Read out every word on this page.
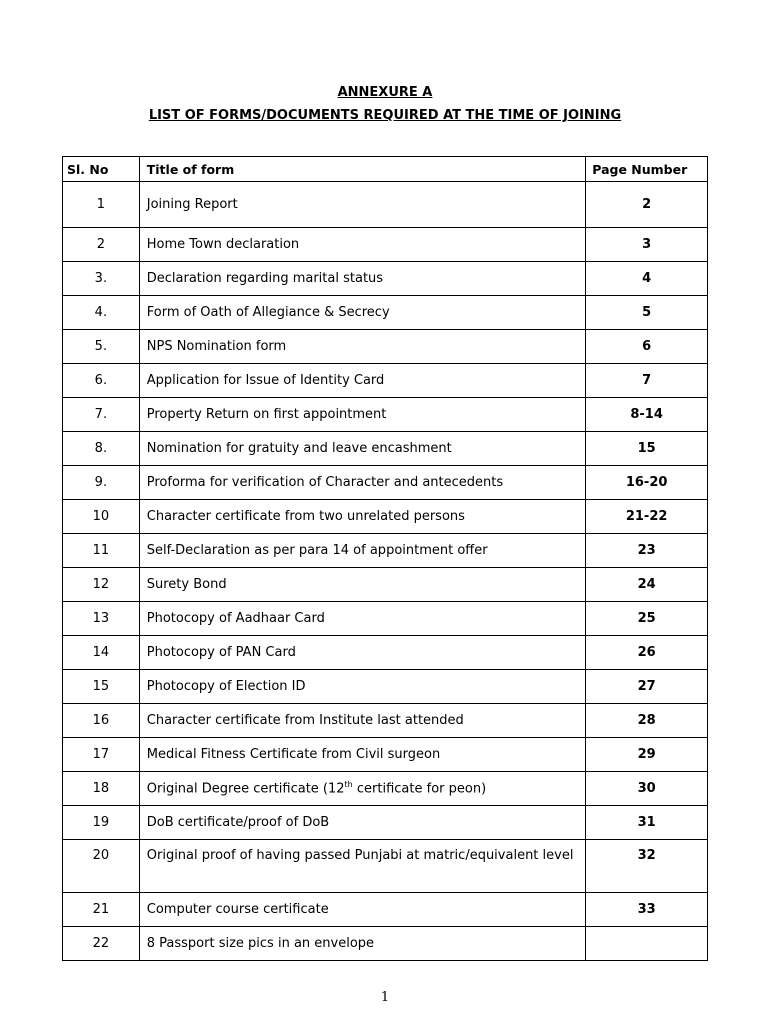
ANNEXURE A
LIST OF FORMS/DOCUMENTS REQUIRED AT THE TIME OF JOINING
Sl. No	Title of form	Page Number
1	Joining Report	2
2	Home Town declaration	3
3.	Declaration regarding marital status	4
4.	Form of Oath of Allegiance & Secrecy	5
5.	NPS Nomination form	6
6.	Application for Issue of Identity Card	7
7.	Property Return on first appointment	8-14
8.	Nomination for gratuity and leave encashment	15
9.	Proforma for verification of Character and antecedents	16-20
10	Character certificate from two unrelated persons	21-22
11	Self-Declaration as per para 14 of appointment offer	23
12	Surety Bond	24
13	Photocopy of Aadhaar Card	25
14	Photocopy of PAN Card	26
15	Photocopy of Election ID	27
16	Character certificate from Institute last attended	28
17	Medical Fitness Certificate from Civil surgeon	29
18	Original Degree certificate (12th certificate for peon)	30
19	DoB certificate/proof of DoB	31
20	Original proof of having passed Punjabi at matric/equivalent level	32
21	Computer course certificate	33
22	8 Passport size pics in an envelope	
1
